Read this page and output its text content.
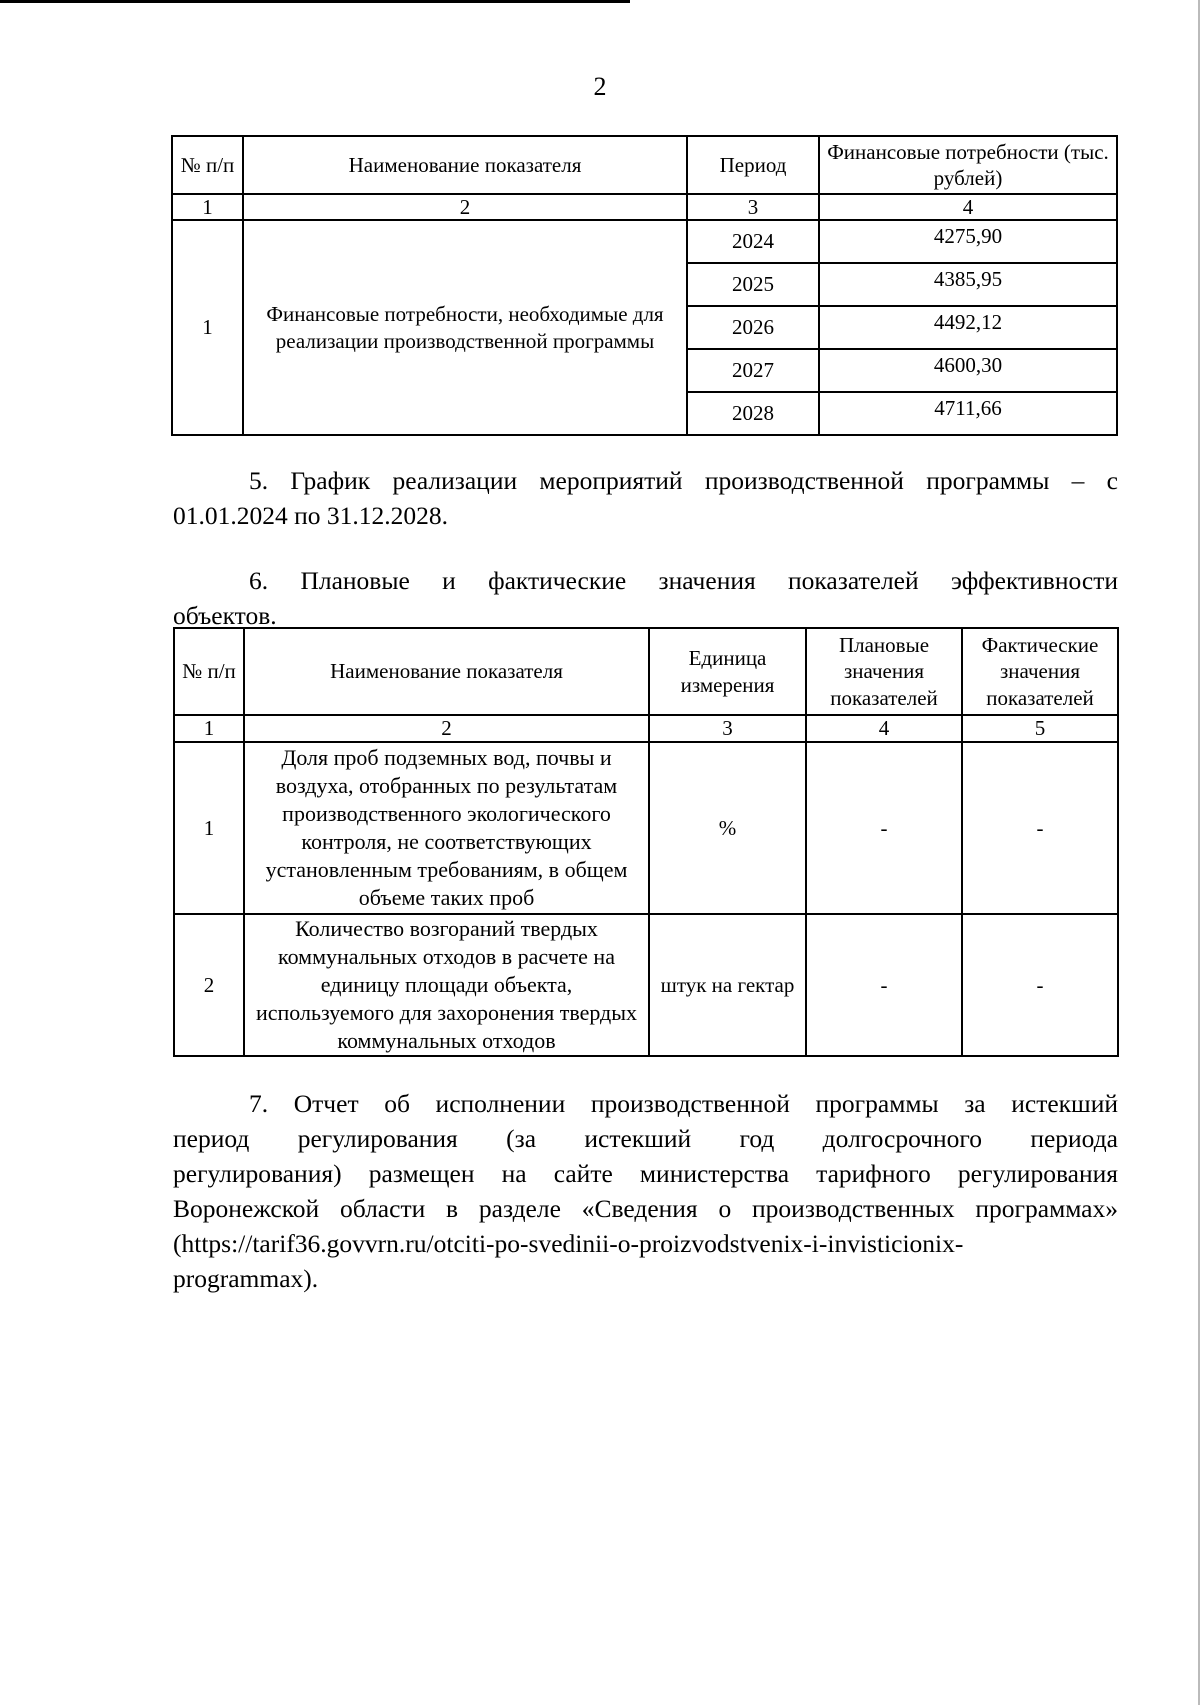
2
№ п/п	Наименование показателя	Период	Финансовые потребности (тыс. рублей)
1	2	3	4
1	Финансовые потребности, необходимые для реализации производственной программы	2024	4275,90
		2025	4385,95
		2026	4492,12
		2027	4600,30
		2028	4711,66
5. График реализации мероприятий производственной программы – с
01.01.2024 по 31.12.2028.
6. Плановые и фактические значения показателей эффективности
объектов.
№ п/п	Наименование показателя	Единица измерения	Плановые значения показателей	Фактические значения показателей
1	2	3	4	5
1	Доля проб подземных вод, почвы и воздуха, отобранных по результатам производственного экологического контроля, не соответствующих установленным требованиям, в общем объеме таких проб	%	-	-
2	Количество возгораний твердых коммунальных отходов в расчете на единицу площади объекта, используемого для захоронения твердых коммунальных отходов	штук на гектар	-	-
7. Отчет об исполнении производственной программы за истекший
период регулирования (за истекший год долгосрочного периода
регулирования) размещен на сайте министерства тарифного регулирования
Воронежской области в разделе «Сведения о производственных программах»
(https://tarif36.govvrn.ru/otciti-po-svedinii-o-proizvodstvenix-i-invisticionix-
programmax).
